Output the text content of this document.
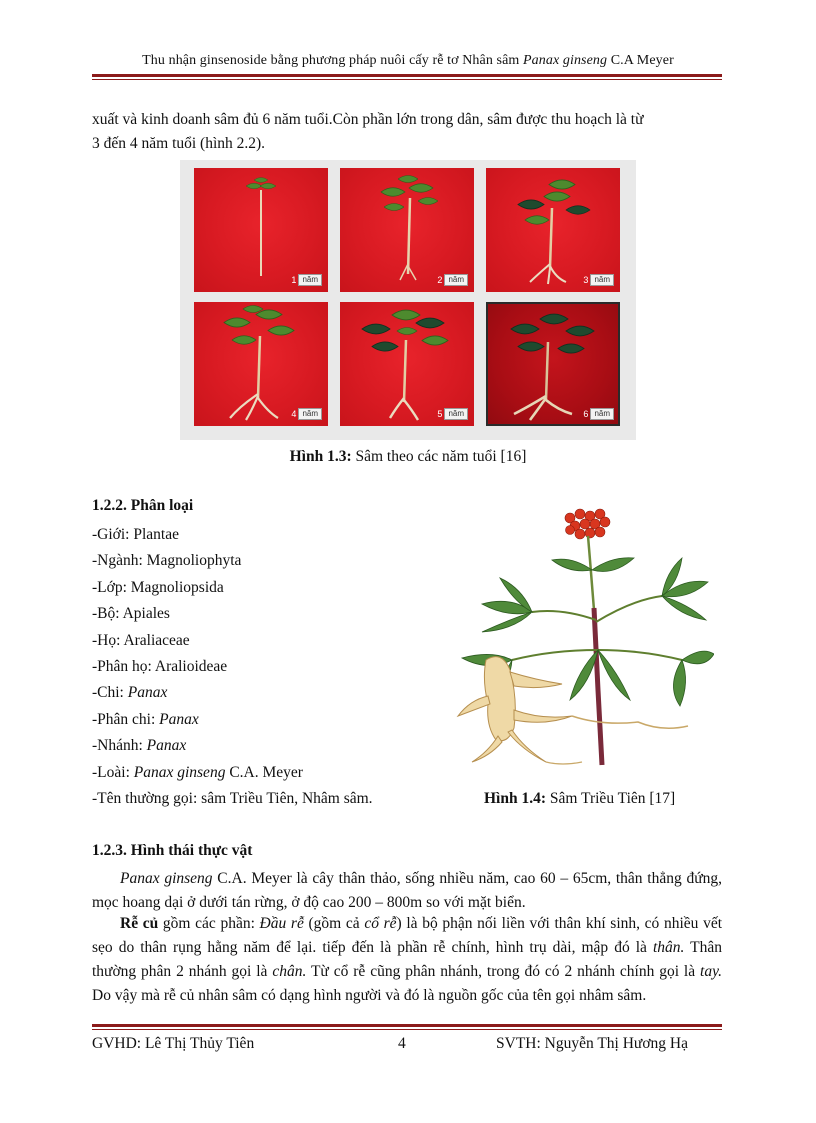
Thu nhận ginsenoside bằng phương pháp nuôi cấy rễ tơ Nhân sâm Panax ginseng C.A Meyer
xuất và kinh doanh sâm đủ 6 năm tuổi.Còn phần lớn trong dân, sâm được thu hoạch là từ
3 đến 4 năm tuổi (hình 2.2).
1 năm	2 năm	3 năm
4 năm	5 năm	6 năm
Hình 1.3: Sâm theo các năm tuổi [16]
1.2.2. Phân loại
-Giới: Plantae
-Ngành: Magnoliophyta
-Lớp: Magnoliopsida
-Bộ: Apiales
-Họ: Araliaceae
-Phân họ: Aralioideae
-Chi: Panax
-Phân chi: Panax
-Nhánh: Panax
-Loài: Panax ginseng C.A. Meyer
-Tên thường gọi: sâm Triều Tiên, Nhâm sâm.	Hình 1.4: Sâm Triều Tiên [17]
1.2.3. Hình thái thực vật
Panax ginseng C.A. Meyer là cây thân thảo, sống nhiều năm, cao 60 – 65cm, thân thẳng đứng, mọc hoang dại ở dưới tán rừng, ở độ cao 200 – 800m so với mặt biển.
Rễ củ gồm các phần: Đầu rễ (gồm cả cổ rễ) là bộ phận nối liền với thân khí sinh, có nhiều vết sẹo do thân rụng hằng năm để lại. tiếp đến là phần rễ chính, hình trụ dài, mập đó là thân. Thân thường phân 2 nhánh gọi là chân. Từ cổ rễ cũng phân nhánh, trong đó có 2 nhánh chính gọi là tay. Do vậy mà rễ củ nhân sâm có dạng hình người và đó là nguồn gốc của tên gọi nhâm sâm.
GVHD: Lê Thị Thủy Tiên	4	SVTH: Nguyễn Thị Hương Hạ
